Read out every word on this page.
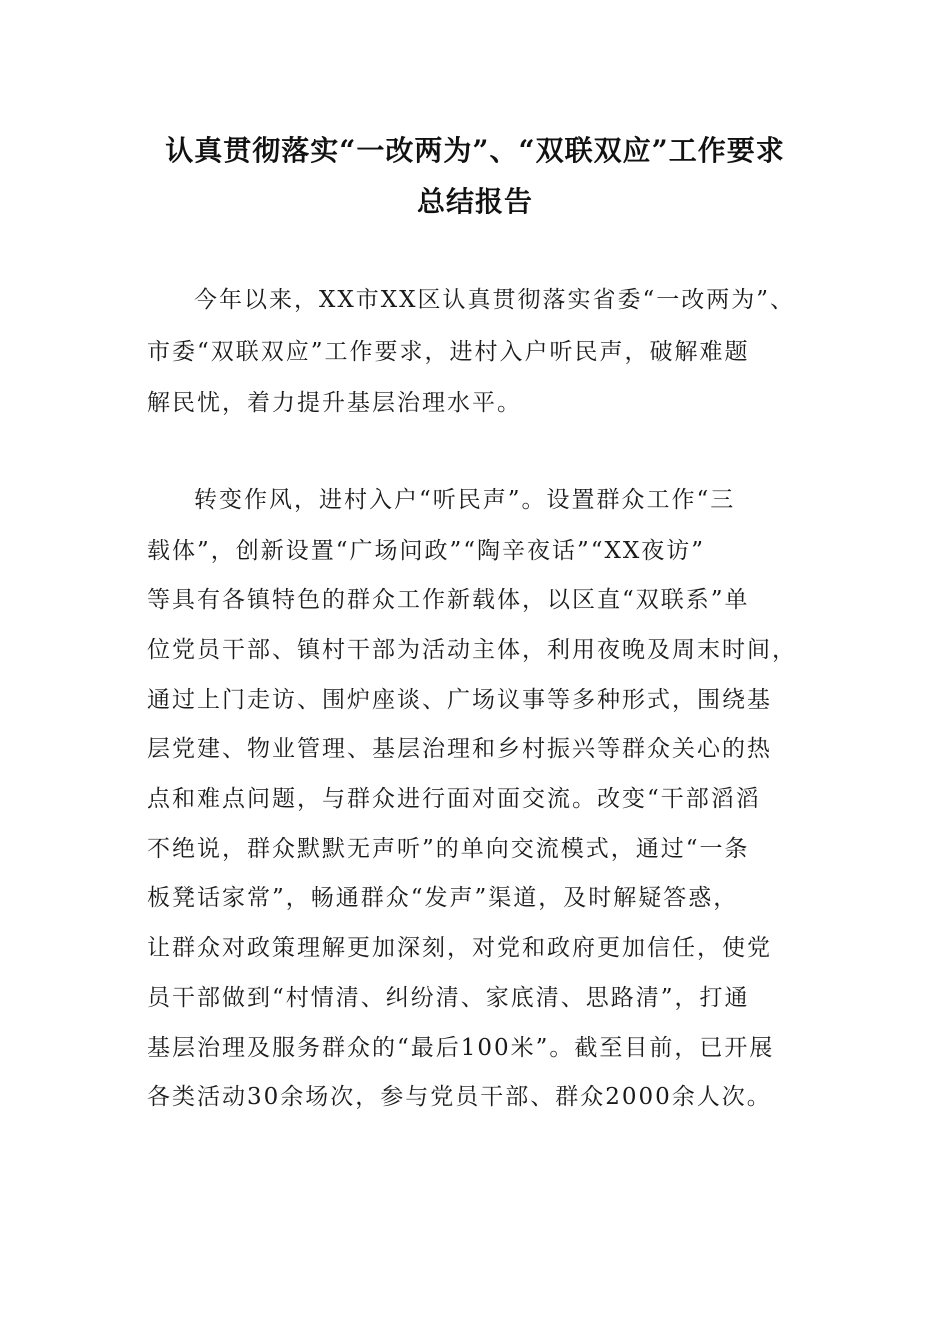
认真贯彻落实“一改两为”、“双联双应”工作要求
总结报告
今年以来，XX市XX区认真贯彻落实省委“一改两为”、
市委“双联双应”工作要求，进村入户听民声，破解难题
解民忧，着力提升基层治理水平。
转变作风，进村入户“听民声”。设置群众工作“三
载体”，创新设置“广场问政”“陶辛夜话”“XX夜访”
等具有各镇特色的群众工作新载体，以区直“双联系”单
位党员干部、镇村干部为活动主体，利用夜晚及周末时间，
通过上门走访、围炉座谈、广场议事等多种形式，围绕基
层党建、物业管理、基层治理和乡村振兴等群众关心的热
点和难点问题，与群众进行面对面交流。改变“干部滔滔
不绝说，群众默默无声听”的单向交流模式，通过“一条
板凳话家常”，畅通群众“发声”渠道，及时解疑答惑，
让群众对政策理解更加深刻，对党和政府更加信任，使党
员干部做到“村情清、纠纷清、家底清、思路清”，打通
基层治理及服务群众的“最后100米”。截至目前，已开展
各类活动30余场次，参与党员干部、群众2000余人次。
